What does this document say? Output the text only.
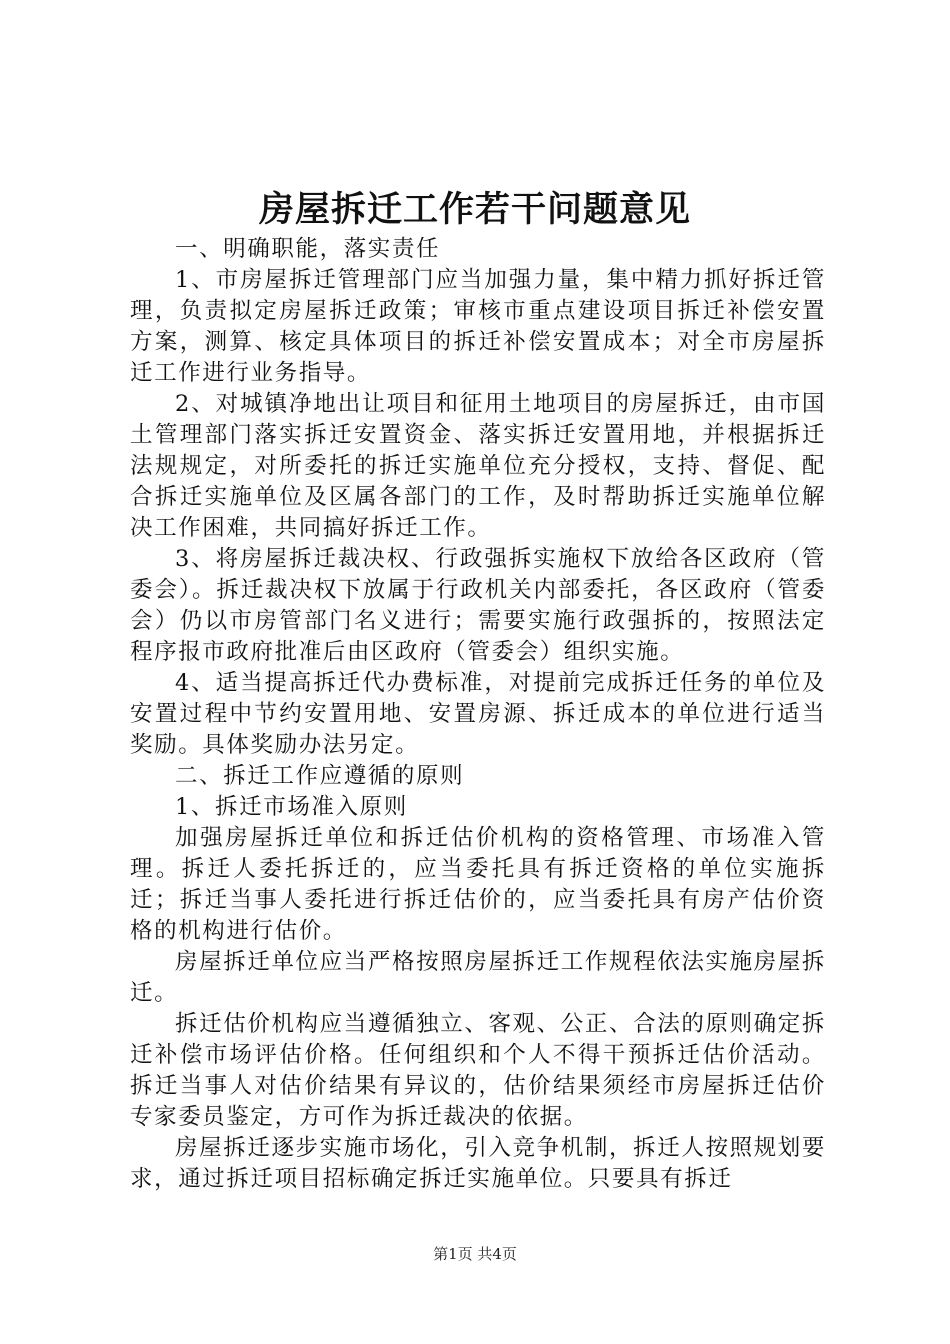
房屋拆迁工作若干问题意见

一、明确职能，落实责任

1、市房屋拆迁管理部门应当加强力量，集中精力抓好拆迁管理，负责拟定房屋拆迁政策；审核市重点建设项目拆迁补偿安置方案，测算、核定具体项目的拆迁补偿安置成本；对全市房屋拆迁工作进行业务指导。

2、对城镇净地出让项目和征用土地项目的房屋拆迁，由市国土管理部门落实拆迁安置资金、落实拆迁安置用地，并根据拆迁法规规定，对所委托的拆迁实施单位充分授权，支持、督促、配合拆迁实施单位及区属各部门的工作，及时帮助拆迁实施单位解决工作困难，共同搞好拆迁工作。

3、将房屋拆迁裁决权、行政强拆实施权下放给各区政府（管委会）。拆迁裁决权下放属于行政机关内部委托，各区政府（管委会）仍以市房管部门名义进行；需要实施行政强拆的，按照法定程序报市政府批准后由区政府（管委会）组织实施。

4、适当提高拆迁代办费标准，对提前完成拆迁任务的单位及安置过程中节约安置用地、安置房源、拆迁成本的单位进行适当奖励。具体奖励办法另定。

二、拆迁工作应遵循的原则

1、拆迁市场准入原则

加强房屋拆迁单位和拆迁估价机构的资格管理、市场准入管理。拆迁人委托拆迁的，应当委托具有拆迁资格的单位实施拆迁；拆迁当事人委托进行拆迁估价的，应当委托具有房产估价资格的机构进行估价。

房屋拆迁单位应当严格按照房屋拆迁工作规程依法实施房屋拆迁。

拆迁估价机构应当遵循独立、客观、公正、合法的原则确定拆迁补偿市场评估价格。任何组织和个人不得干预拆迁估价活动。拆迁当事人对估价结果有异议的，估价结果须经市房屋拆迁估价专家委员鉴定，方可作为拆迁裁决的依据。

房屋拆迁逐步实施市场化，引入竞争机制，拆迁人按照规划要求，通过拆迁项目招标确定拆迁实施单位。只要具有拆迁

第1页 共4页
